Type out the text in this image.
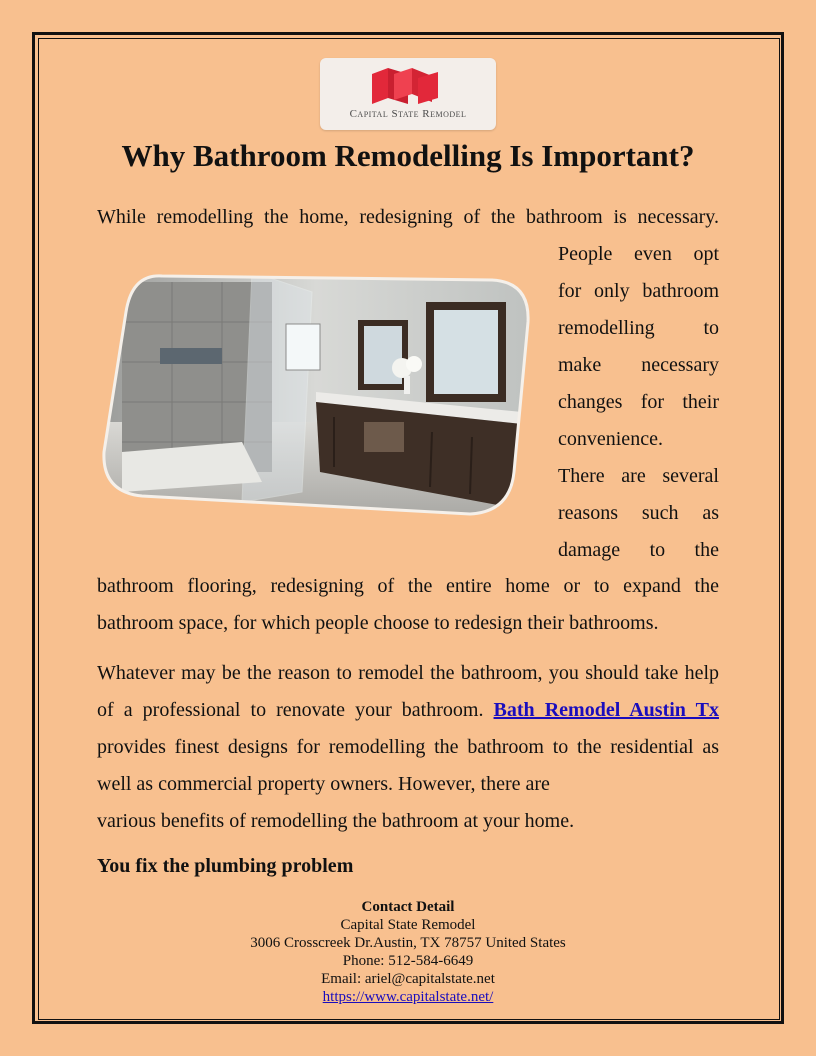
Capital State Remodel
Why Bathroom Remodelling Is Important?

While remodelling the home, redesigning of the bathroom is necessary.

People even opt
for only bathroom
remodelling to
make necessary
changes for their
convenience.
There are several
reasons such as
damage to the

bathroom flooring, redesigning of the entire home or to expand the

bathroom space, for which people choose to redesign their bathrooms.

Whatever may be the reason to remodel the bathroom, you should take help of a professional to renovate your bathroom. Bath Remodel Austin Tx provides finest designs for remodelling the bathroom to the residential as well as commercial property owners. However, there are
various benefits of remodelling the bathroom at your home.

You fix the plumbing problem
Contact Detail
Capital State Remodel
3006 Crosscreek Dr.Austin, TX 78757 United States
Phone: 512-584-6649
Email: ariel@capitalstate.net
https://www.capitalstate.net/
